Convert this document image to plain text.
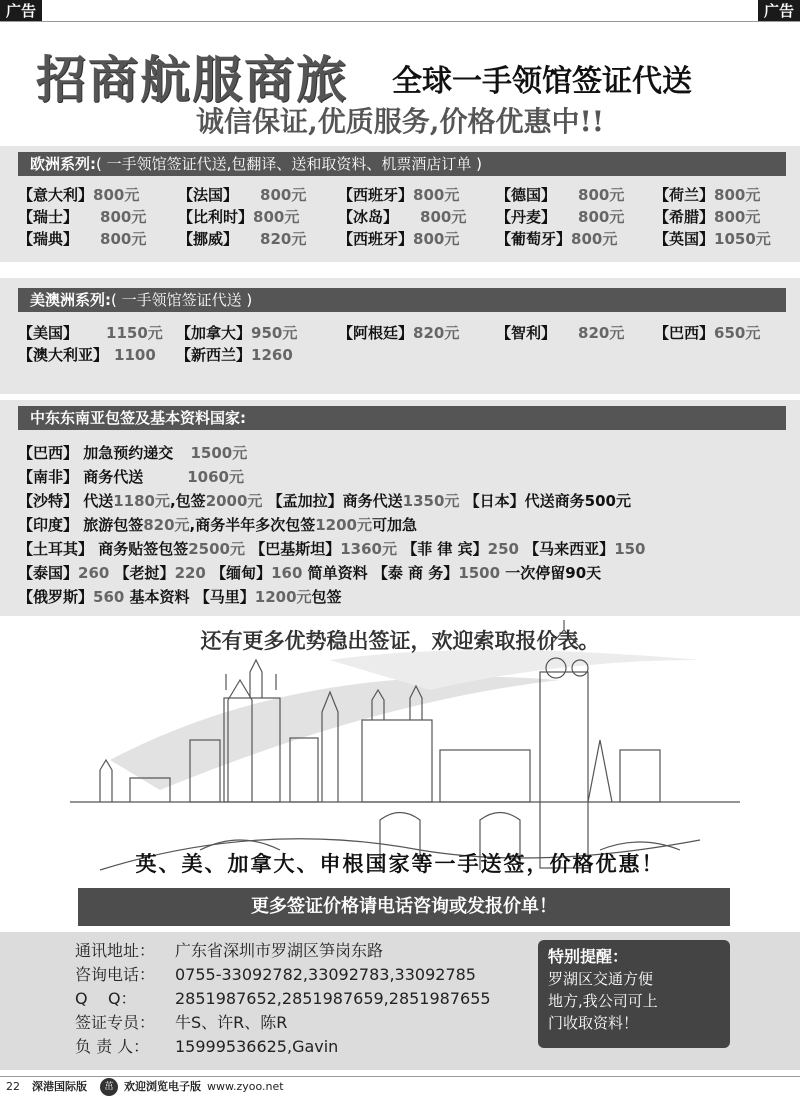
广告	广告
招商航服商旅 全球一手领馆签证代送
诚信保证,优质服务,价格优惠中!!
欧洲系列:( 一手领馆签证代送,包翻译、送和取资料、机票酒店订单 )
【意大利】800元	【法国】 800元 【西班牙】800元 【德国】 800元 【荷兰】800元
【瑞士】 800元 【比利时】800元	【冰岛】 800元 【丹麦】 800元 【希腊】800元
【瑞典】 800元 【挪威】 820元 【西班牙】800元 【葡萄牙】800元 【英国】1050元
美澳洲系列:( 一手领馆签证代送 )
【美国】 1150元 【加拿大】950元	【阿根廷】820元 【智利】 820元 【巴西】650元
【澳大利亚】 1100 【新西兰】1260
中东东南亚包签及基本资料国家:
【巴西】 加急预约递交 1500元
【南非】 商务代送	1060元
【沙特】 代送1180元,包签2000元 【孟加拉】商务代送1350元 【日本】代送商务500元
【印度】 旅游包签820元,商务半年多次包签1200元可加急
【土耳其】 商务贴签包签2500元 【巴基斯坦】1360元 【菲 律 宾】250 【马来西亚】150
【泰国】260 【老挝】220 【缅甸】160 简单资料 【泰 商 务】1500 一次停留90天
【俄罗斯】560 基本资料 【马里】1200元包签
还有更多优势稳出签证，欢迎索取报价表。
英、美、加拿大、申根国家等一手送签，价格优惠！
更多签证价格请电话咨询或发报价单！
通讯地址： 广东省深圳市罗湖区笋岗东路
咨询电话： 0755-33092782,33092783,33092785
Q    Q： 2851987652,2851987659,2851987655
签证专员： 牛S、许R、陈R
负 责 人： 15999536625,Gavin
特别提醒：
罗湖区交通方便
地方,我公司可上
门收取资料！
22 深港国际版	茁 欢迎浏览电子版 www.zyoo.net
